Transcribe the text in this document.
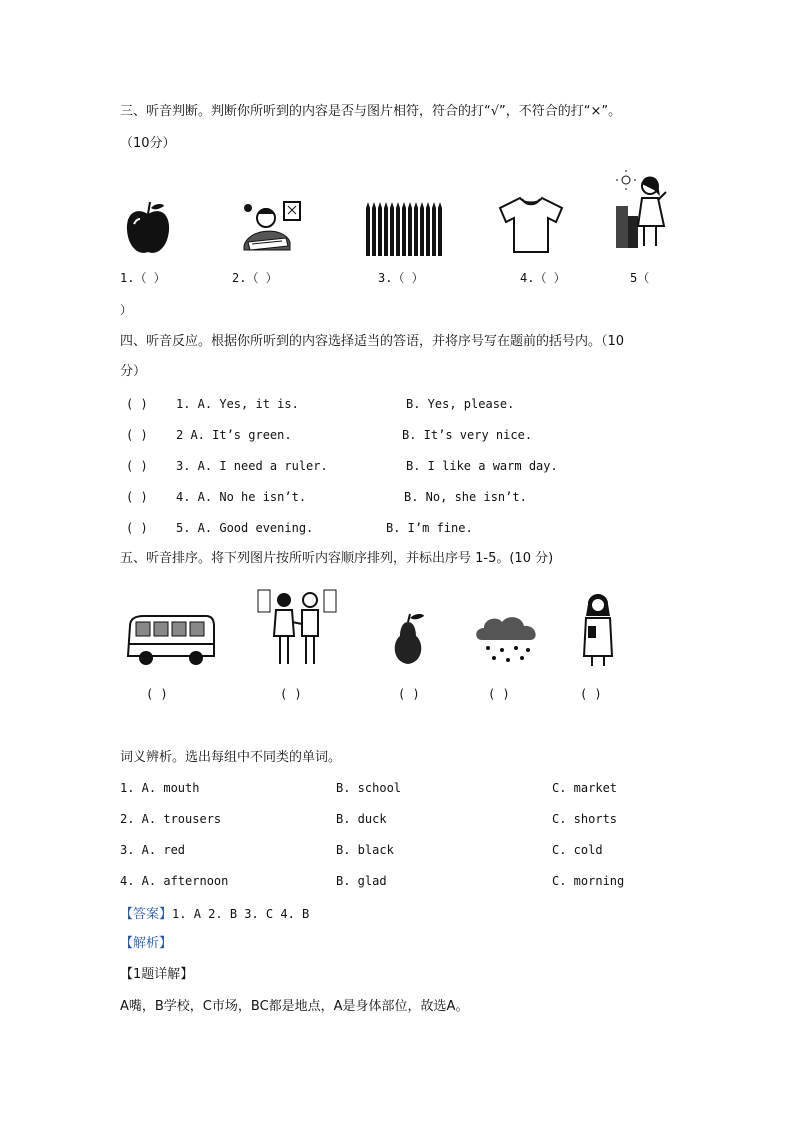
三、听音判断。判断你所听到的内容是否与图片相符，符合的打“√”，不符合的打“×”。
（10分）
1.（ ）	2.（ ）	3.（ ）	4.（ ）	5（
）
四、听音反应。根据你所听到的内容选择适当的答语，并将序号写在题前的括号内。（10
分）
( ) 1. A. Yes, it is.	B. Yes, please.
( ) 2 A. It’s green.	B. It’s very nice.
( ) 3. A. I need a ruler.	B. I like a warm day.
( ) 4. A. No he isn’t.	B. No, she isn’t.
( ) 5. A. Good evening.	B. I’m fine.
五、听音排序。将下列图片按所听内容顺序排列，并标出序号 1-5。(10 分)
( )	( )	( )	( )	( )
词义辨析。选出每组中不同类的单词。
1. A. mouth	B. school	C. market
2. A. trousers	B. duck	C. shorts
3. A. red	B. black	C. cold
4. A. afternoon	B. glad	C. morning
【答案】1. A 2. B 3. C 4. B
【解析】
【1题详解】
A嘴，B学校，C市场，BC都是地点，A是身体部位，故选A。
